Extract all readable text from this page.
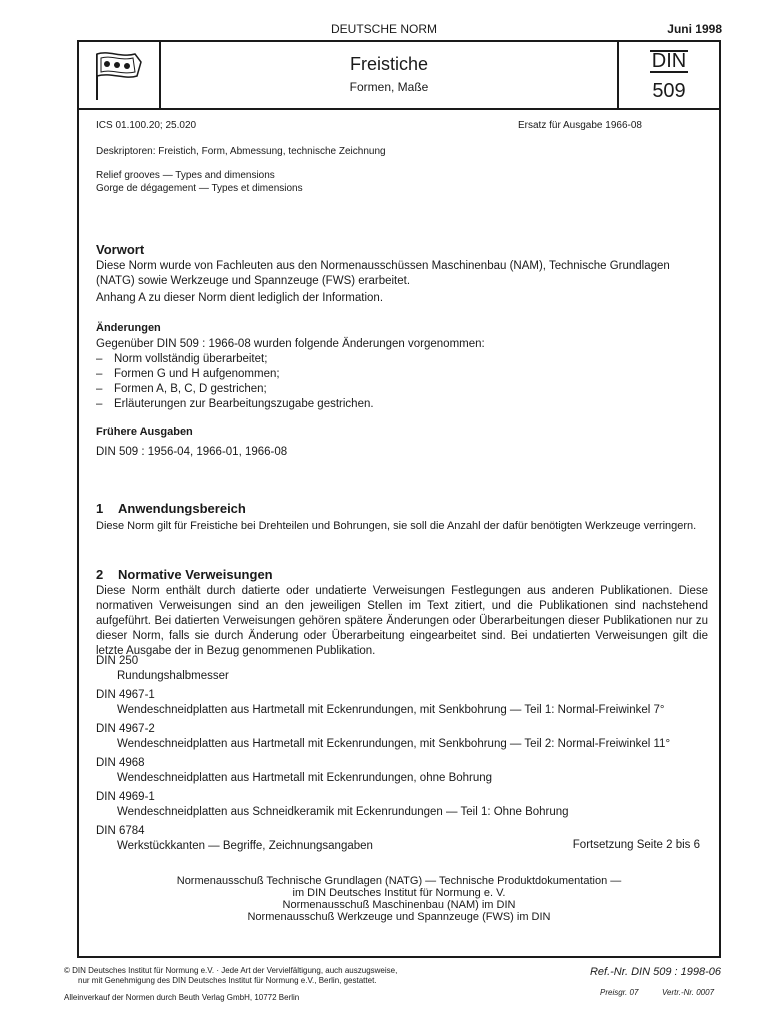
DEUTSCHE NORM	Juni 1998
Freistiche
Formen, Maße
DIN
509
ICS 01.100.20; 25.020	Ersatz für Ausgabe 1966-08
Deskriptoren: Freistich, Form, Abmessung, technische Zeichnung
Relief grooves — Types and dimensions
Gorge de dégagement — Types et dimensions
Vorwort
Diese Norm wurde von Fachleuten aus den Normenausschüssen Maschinenbau (NAM), Technische Grundlagen (NATG) sowie Werkzeuge und Spannzeuge (FWS) erarbeitet.
Anhang A zu dieser Norm dient lediglich der Information.
Änderungen
Gegenüber DIN 509 : 1966-08 wurden folgende Änderungen vorgenommen:
– Norm vollständig überarbeitet;
– Formen G und H aufgenommen;
– Formen A, B, C, D gestrichen;
– Erläuterungen zur Bearbeitungszugabe gestrichen.
Frühere Ausgaben
DIN 509 : 1956-04, 1966-01, 1966-08
1 Anwendungsbereich
Diese Norm gilt für Freistiche bei Drehteilen und Bohrungen, sie soll die Anzahl der dafür benötigten Werkzeuge verringern.
2 Normative Verweisungen
Diese Norm enthält durch datierte oder undatierte Verweisungen Festlegungen aus anderen Publikationen. Diese normativen Verweisungen sind an den jeweiligen Stellen im Text zitiert, und die Publikationen sind nachstehend aufgeführt. Bei datierten Verweisungen gehören spätere Änderungen oder Überarbeitungen dieser Publikationen nur zu dieser Norm, falls sie durch Änderung oder Überarbeitung eingearbeitet sind. Bei undatierten Verweisungen gilt die letzte Ausgabe der in Bezug genommenen Publikation.
DIN 250
Rundungshalbmesser
DIN 4967-1
Wendeschneidplatten aus Hartmetall mit Eckenrundungen, mit Senkbohrung — Teil 1: Normal-Freiwinkel 7°
DIN 4967-2
Wendeschneidplatten aus Hartmetall mit Eckenrundungen, mit Senkbohrung — Teil 2: Normal-Freiwinkel 11°
DIN 4968
Wendeschneidplatten aus Hartmetall mit Eckenrundungen, ohne Bohrung
DIN 4969-1
Wendeschneidplatten aus Schneidkeramik mit Eckenrundungen — Teil 1: Ohne Bohrung
DIN 6784
Werkstückkanten — Begriffe, Zeichnungsangaben	Fortsetzung Seite 2 bis 6
Normenausschuß Technische Grundlagen (NATG) — Technische Produktdokumentation —
im DIN Deutsches Institut für Normung e. V.
Normenausschuß Maschinenbau (NAM) im DIN
Normenausschuß Werkzeuge und Spannzeuge (FWS) im DIN
© DIN Deutsches Institut für Normung e.V. · Jede Art der Vervielfältigung, auch auszugsweise,
nur mit Genehmigung des DIN Deutsches Institut für Normung e.V., Berlin, gestattet.
Alleinverkauf der Normen durch Beuth Verlag GmbH, 10772 Berlin
Ref.-Nr. DIN 509 : 1998-06
Preisgr. 07	Vertr.-Nr. 0007
